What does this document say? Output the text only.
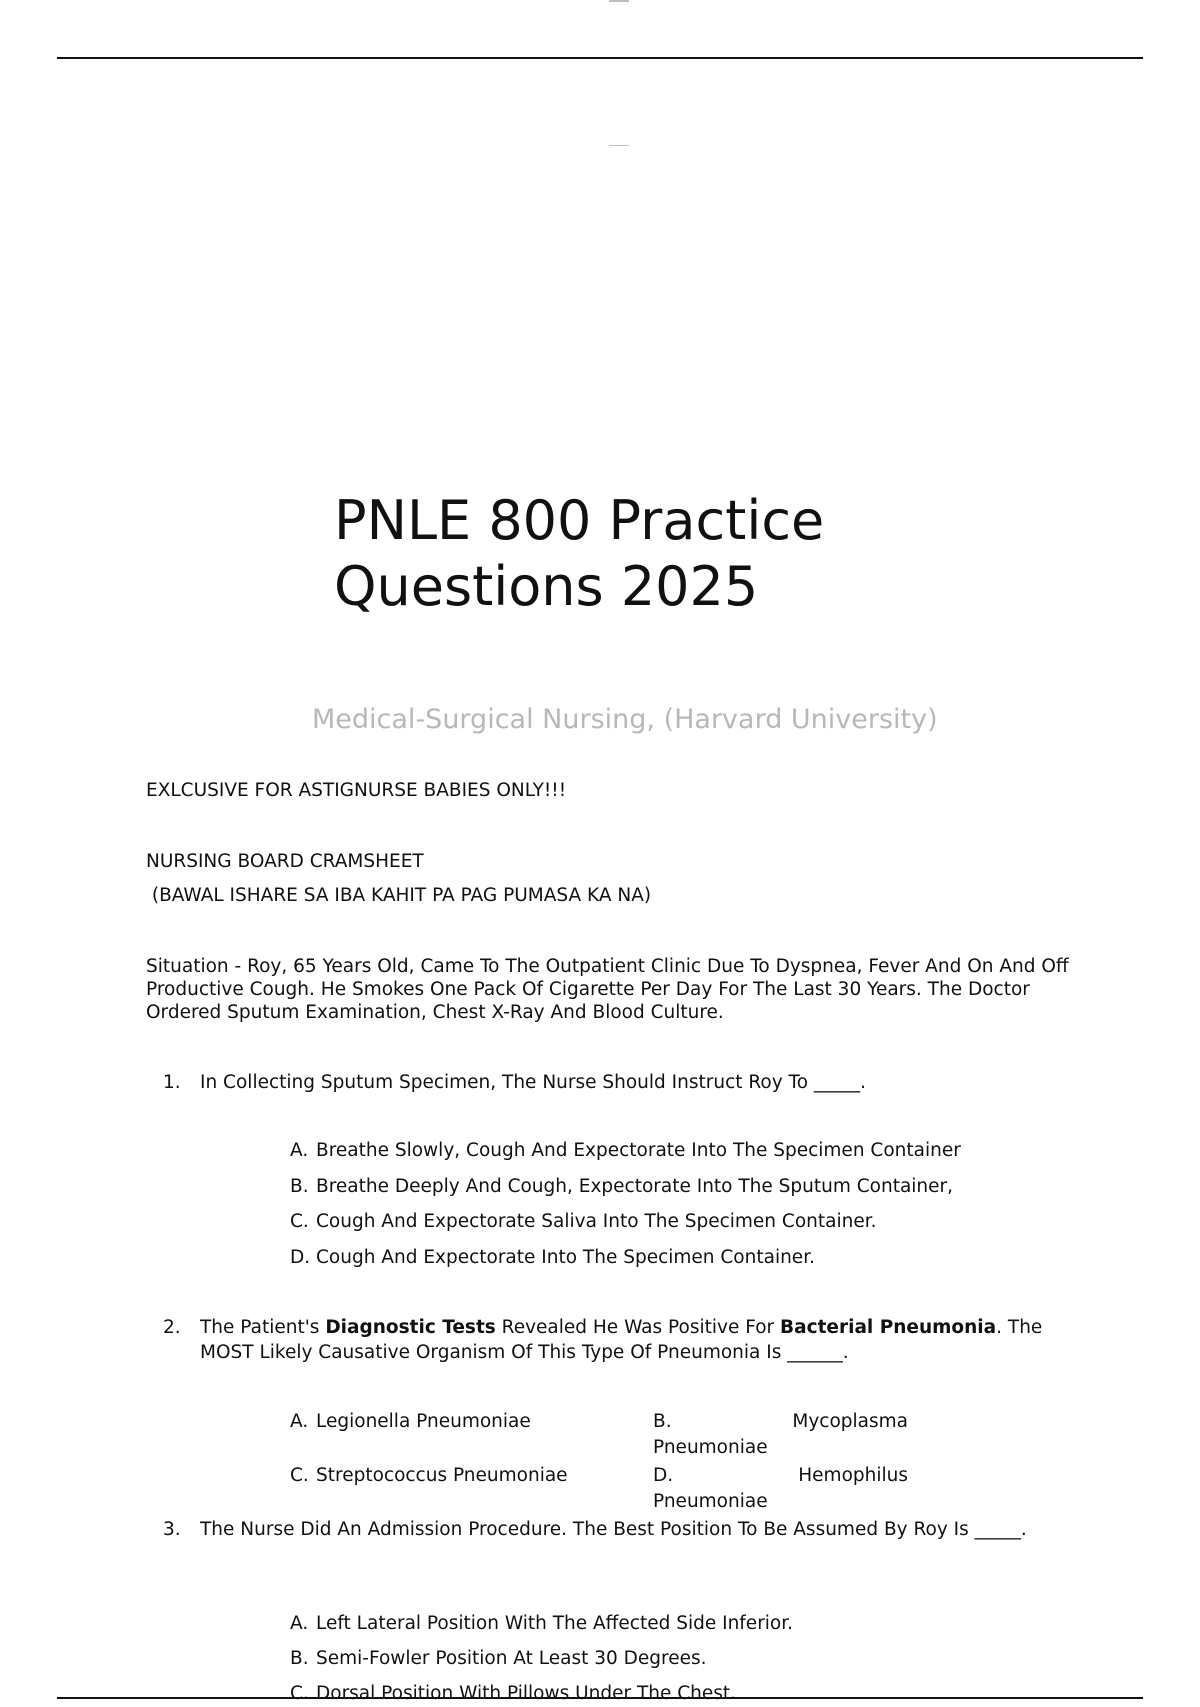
PNLE 800 Practice Questions 2025

Medical-Surgical Nursing, (Harvard University)

EXLCUSIVE FOR ASTIGNURSE BABIES ONLY!!!

NURSING BOARD CRAMSHEET

(BAWAL ISHARE SA IBA KAHIT PA PAG PUMASA KA NA)

Situation - Roy, 65 Years Old, Came To The Outpatient Clinic Due To Dyspnea, Fever And On And Off Productive Cough. He Smokes One Pack Of Cigarette Per Day For The Last 30 Years. The Doctor Ordered Sputum Examination, Chest X-Ray And Blood Culture.

1.	In Collecting Sputum Specimen, The Nurse Should Instruct Roy To _____.
A. Breathe Slowly, Cough And Expectorate Into The Specimen Container
B. Breathe Deeply And Cough, Expectorate Into The Sputum Container,
C. Cough And Expectorate Saliva Into The Specimen Container.
D. Cough And Expectorate Into The Specimen Container.
2.	The Patient's Diagnostic Tests Revealed He Was Positive For Bacterial Pneumonia. The MOST Likely Causative Organism Of This Type Of Pneumonia Is ______.
A. Legionella Pneumoniae	B.	Mycoplasma
Pneumoniae
C. Streptococcus Pneumoniae	D.	Hemophilus
Pneumoniae
3.	The Nurse Did An Admission Procedure. The Best Position To Be Assumed By Roy Is _____.
A. Left Lateral Position With The Affected Side Inferior.
B. Semi-Fowler Position At Least 30 Degrees.
C. Dorsal Position With Pillows Under The Chest.
